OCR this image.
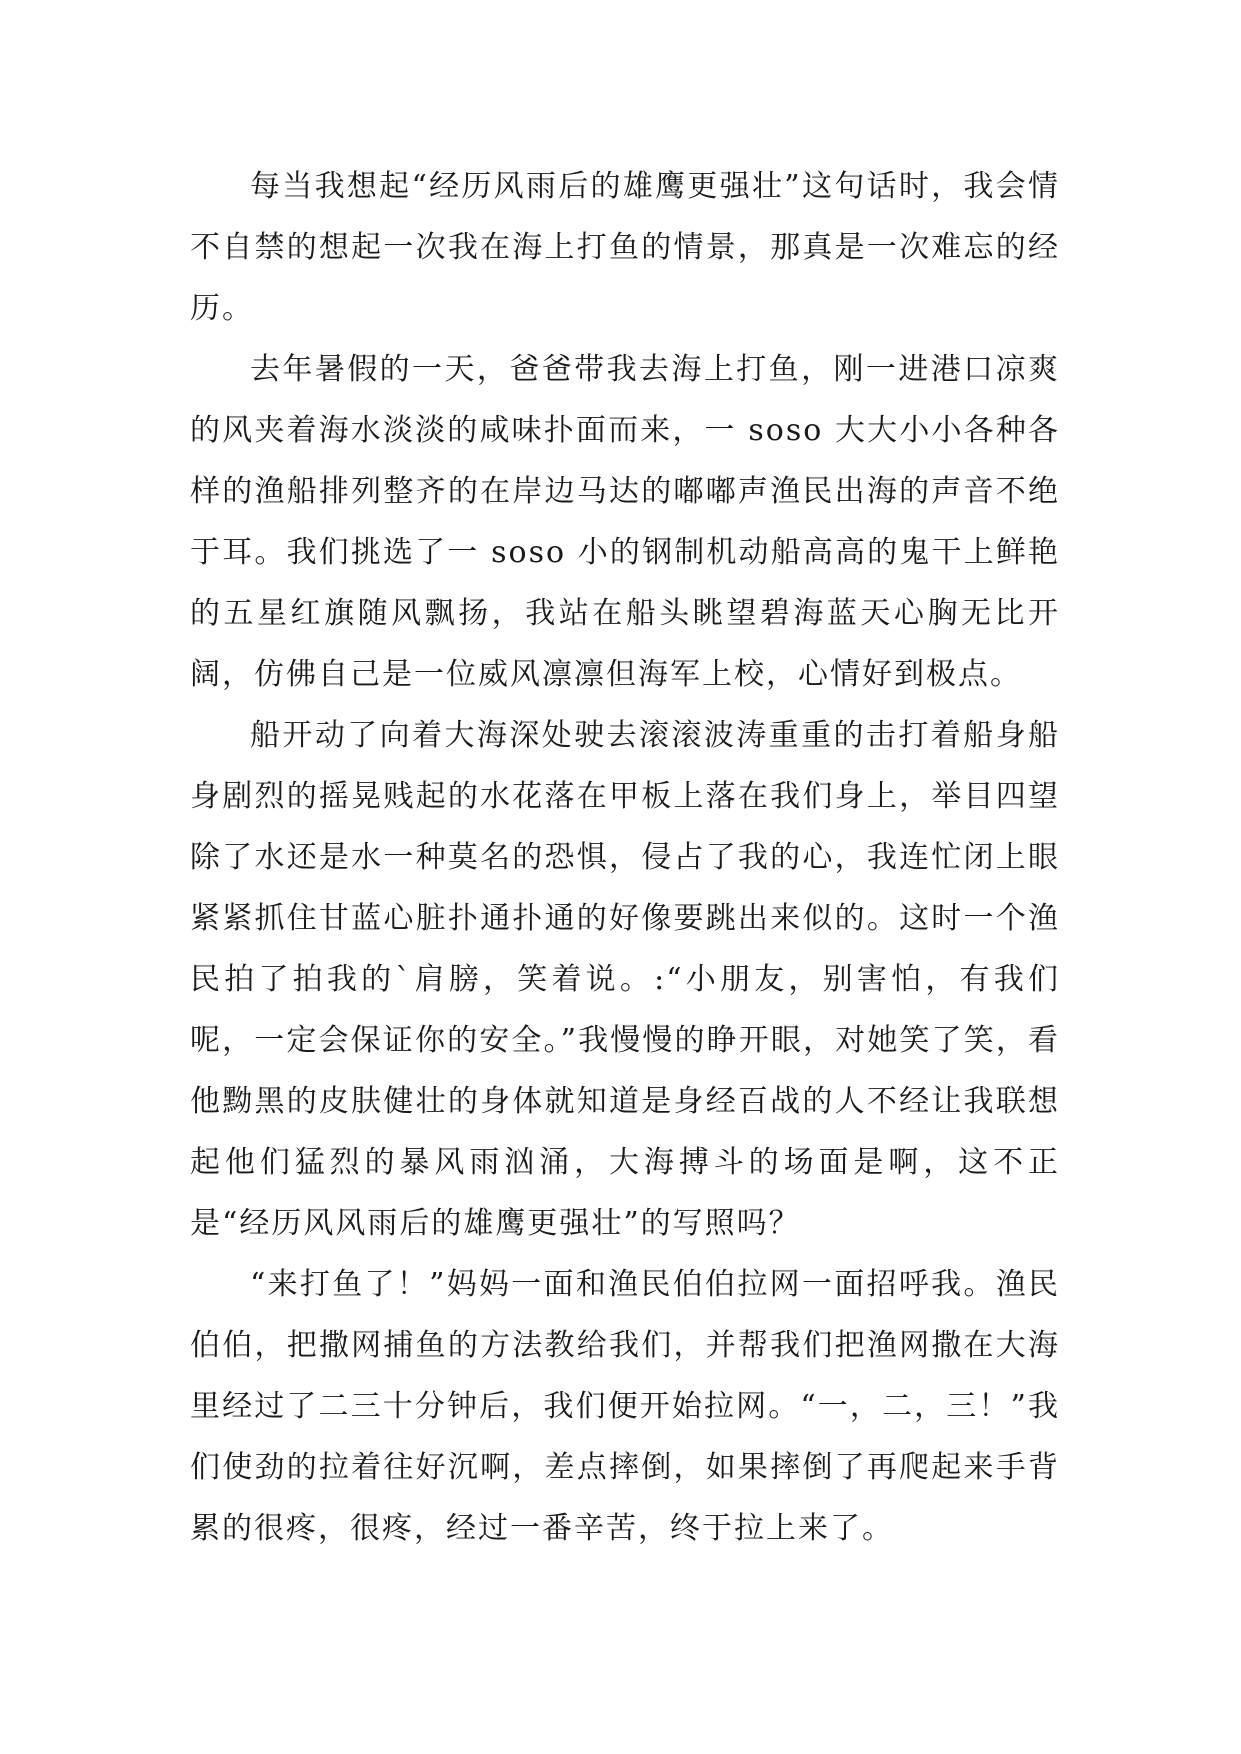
每当我想起“经历风雨后的雄鹰更强壮”这句话时，我会情不自禁的想起一次我在海上打鱼的情景，那真是一次难忘的经历。

去年暑假的一天，爸爸带我去海上打鱼，刚一进港口凉爽的风夹着海水淡淡的咸味扑面而来，一 soso 大大小小各种各样的渔船排列整齐的在岸边马达的嘟嘟声渔民出海的声音不绝于耳。我们挑选了一 soso 小的钢制机动船高高的鬼干上鲜艳的五星红旗随风飘扬，我站在船头眺望碧海蓝天心胸无比开阔，仿佛自己是一位威风凛凛但海军上校，心情好到极点。

船开动了向着大海深处驶去滚滚波涛重重的击打着船身船身剧烈的摇晃贱起的水花落在甲板上落在我们身上，举目四望除了水还是水一种莫名的恐惧，侵占了我的心，我连忙闭上眼紧紧抓住甘蓝心脏扑通扑通的好像要跳出来似的。这时一个渔民拍了拍我的`肩膀，笑着说。:“小朋友，别害怕，有我们呢，一定会保证你的安全。”我慢慢的睁开眼，对她笑了笑，看他黝黑的皮肤健壮的身体就知道是身经百战的人不经让我联想起他们猛烈的暴风雨汹涌，大海搏斗的场面是啊，这不正是“经历风风雨后的雄鹰更强壮”的写照吗？

“来打鱼了！”妈妈一面和渔民伯伯拉网一面招呼我。渔民伯伯，把撒网捕鱼的方法教给我们，并帮我们把渔网撒在大海里经过了二三十分钟后，我们便开始拉网。“一，二，三！”我们使劲的拉着往好沉啊，差点摔倒，如果摔倒了再爬起来手背累的很疼，很疼，经过一番辛苦，终于拉上来了。
